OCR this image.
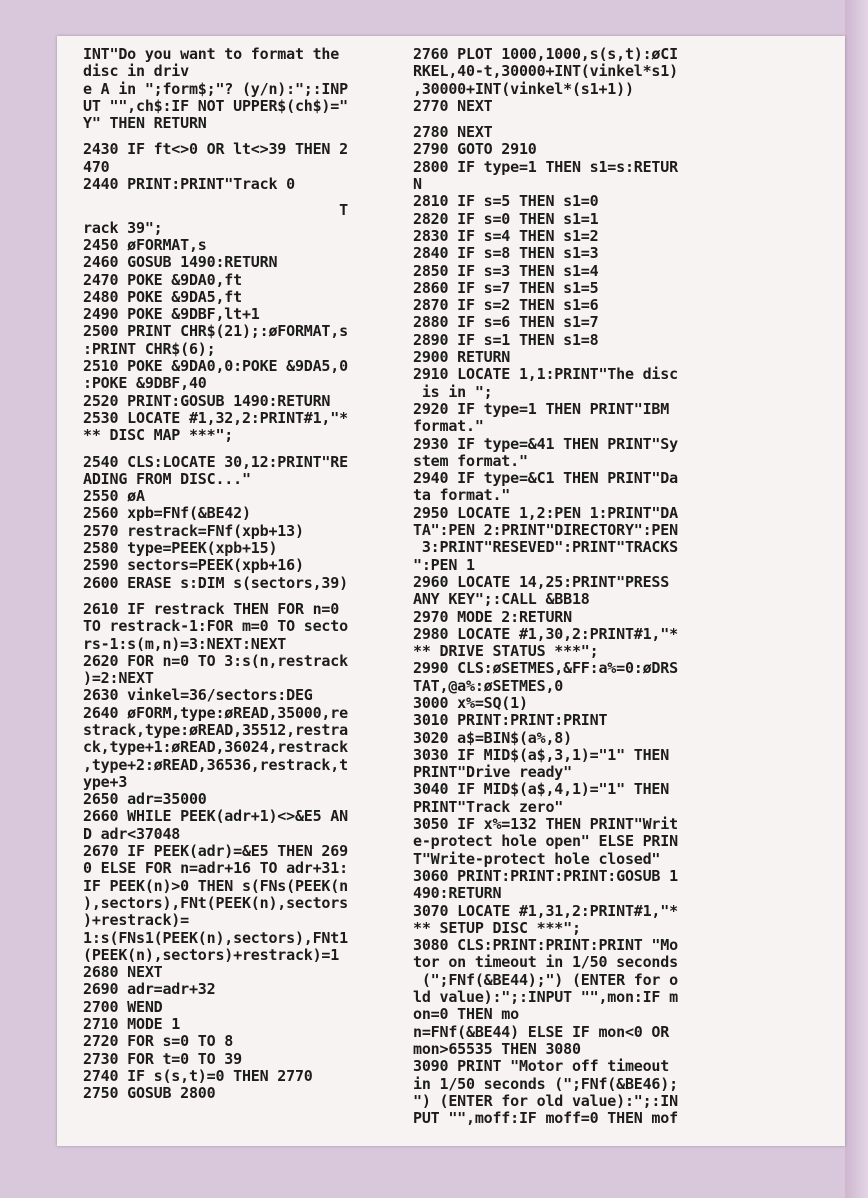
INT"Do you want to format the
disc in driv
e A in ";form$;"? (y/n):";:INP
UT "",ch$:IF NOT UPPER$(ch$)="
Y" THEN RETURN
2430 IF ft<>0 OR lt<>39 THEN 2
470
2440 PRINT:PRINT"Track 0
T
rack 39";
2450 øFORMAT,s
2460 GOSUB 1490:RETURN
2470 POKE &9DA0,ft
2480 POKE &9DA5,ft
2490 POKE &9DBF,lt+1
2500 PRINT CHR$(21);:øFORMAT,s
:PRINT CHR$(6);
2510 POKE &9DA0,0:POKE &9DA5,0
:POKE &9DBF,40
2520 PRINT:GOSUB 1490:RETURN
2530 LOCATE #1,32,2:PRINT#1,"*
** DISC MAP ***";
2540 CLS:LOCATE 30,12:PRINT"RE
ADING FROM DISC..."
2550 øA
2560 xpb=FNf(&BE42)
2570 restrack=FNf(xpb+13)
2580 type=PEEK(xpb+15)
2590 sectors=PEEK(xpb+16)
2600 ERASE s:DIM s(sectors,39)
2610 IF restrack THEN FOR n=0
TO restrack-1:FOR m=0 TO secto
rs-1:s(m,n)=3:NEXT:NEXT
2620 FOR n=0 TO 3:s(n,restrack
)=2:NEXT
2630 vinkel=36/sectors:DEG
2640 øFORM,type:øREAD,35000,re
strack,type:øREAD,35512,restra
ck,type+1:øREAD,36024,restrack
,type+2:øREAD,36536,restrack,t
ype+3
2650 adr=35000
2660 WHILE PEEK(adr+1)<>&E5 AN
D adr<37048
2670 IF PEEK(adr)=&E5 THEN 269
0 ELSE FOR n=adr+16 TO adr+31:
IF PEEK(n)>0 THEN s(FNs(PEEK(n
),sectors),FNt(PEEK(n),sectors
)+restrack)=
1:s(FNs1(PEEK(n),sectors),FNt1
(PEEK(n),sectors)+restrack)=1
2680 NEXT
2690 adr=adr+32
2700 WEND
2710 MODE 1
2720 FOR s=0 TO 8
2730 FOR t=0 TO 39
2740 IF s(s,t)=0 THEN 2770
2750 GOSUB 2800
2760 PLOT 1000,1000,s(s,t):øCI
RKEL,40-t,30000+INT(vinkel*s1)
,30000+INT(vinkel*(s1+1))
2770 NEXT
2780 NEXT
2790 GOTO 2910
2800 IF type=1 THEN s1=s:RETUR
N
2810 IF s=5 THEN s1=0
2820 IF s=0 THEN s1=1
2830 IF s=4 THEN s1=2
2840 IF s=8 THEN s1=3
2850 IF s=3 THEN s1=4
2860 IF s=7 THEN s1=5
2870 IF s=2 THEN s1=6
2880 IF s=6 THEN s1=7
2890 IF s=1 THEN s1=8
2900 RETURN
2910 LOCATE 1,1:PRINT"The disc
is in ";
2920 IF type=1 THEN PRINT"IBM
format."
2930 IF type=&41 THEN PRINT"Sy
stem format."
2940 IF type=&C1 THEN PRINT"Da
ta format."
2950 LOCATE 1,2:PEN 1:PRINT"DA
TA":PEN 2:PRINT"DIRECTORY":PEN
3:PRINT"RESEVED":PRINT"TRACKS
":PEN 1
2960 LOCATE 14,25:PRINT"PRESS
ANY KEY";:CALL &BB18
2970 MODE 2:RETURN
2980 LOCATE #1,30,2:PRINT#1,"*
** DRIVE STATUS ***";
2990 CLS:øSETMES,&FF:a%=0:øDRS
TAT,@a%:øSETMES,0
3000 x%=SQ(1)
3010 PRINT:PRINT:PRINT
3020 a$=BIN$(a%,8)
3030 IF MID$(a$,3,1)="1" THEN
PRINT"Drive ready"
3040 IF MID$(a$,4,1)="1" THEN
PRINT"Track zero"
3050 IF x%=132 THEN PRINT"Writ
e-protect hole open" ELSE PRIN
T"Write-protect hole closed"
3060 PRINT:PRINT:PRINT:GOSUB 1
490:RETURN
3070 LOCATE #1,31,2:PRINT#1,"*
** SETUP DISC ***";
3080 CLS:PRINT:PRINT:PRINT "Mo
tor on timeout in 1/50 seconds
(";FNf(&BE44);") (ENTER for o
ld value):";:INPUT "",mon:IF m
on=0 THEN mo
n=FNf(&BE44) ELSE IF mon<0 OR
mon>65535 THEN 3080
3090 PRINT "Motor off timeout
in 1/50 seconds (";FNf(&BE46);
") (ENTER for old value):";:IN
PUT "",moff:IF moff=0 THEN mof
